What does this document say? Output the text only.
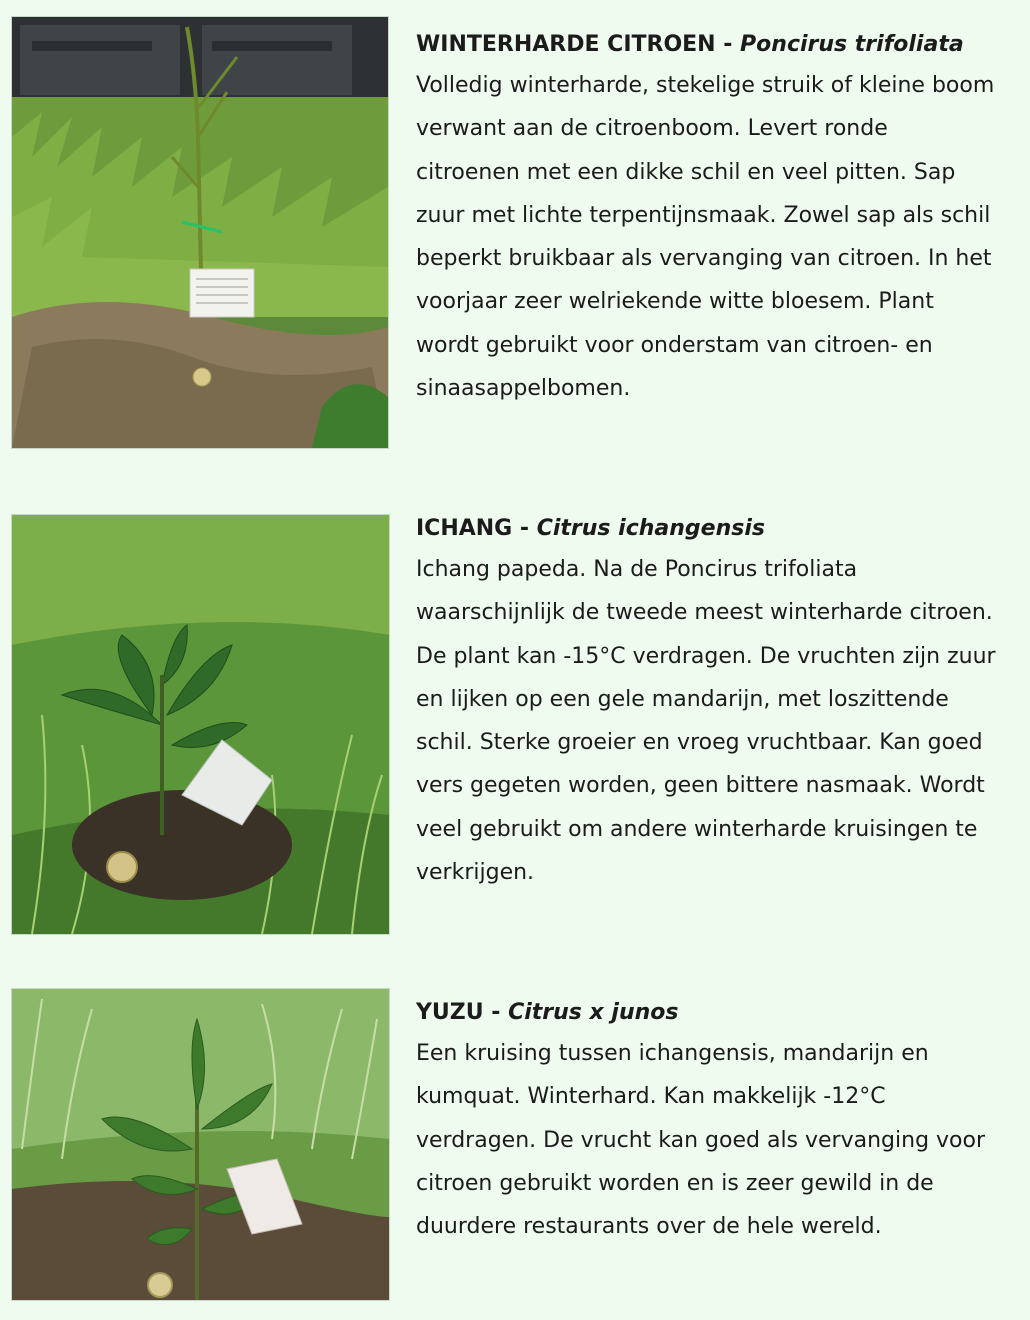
WINTERHARDE CITROEN - Poncirus trifoliata

Volledig winterharde, stekelige struik of kleine boom verwant aan de citroenboom. Levert ronde citroenen met een dikke schil en veel pitten. Sap zuur met lichte terpentijnsmaak. Zowel sap als schil beperkt bruikbaar als vervanging van citroen. In het voorjaar zeer welriekende witte bloesem. Plant wordt gebruikt voor onderstam van citroen- en sinaasappelbomen.

ICHANG - Citrus ichangensis

Ichang papeda. Na de Poncirus trifoliata waarschijnlijk de tweede meest winterharde citroen. De plant kan -15°C verdragen. De vruchten zijn zuur en lijken op een gele mandarijn, met loszittende schil. Sterke groeier en vroeg vruchtbaar. Kan goed vers gegeten worden, geen bittere nasmaak. Wordt veel gebruikt om andere winterharde kruisingen te verkrijgen.

YUZU - Citrus x junos

Een kruising tussen ichangensis, mandarijn en kumquat. Winterhard. Kan makkelijk -12°C verdragen. De vrucht kan goed als vervanging voor citroen gebruikt worden en is zeer gewild in de duurdere restaurants over de hele wereld.
